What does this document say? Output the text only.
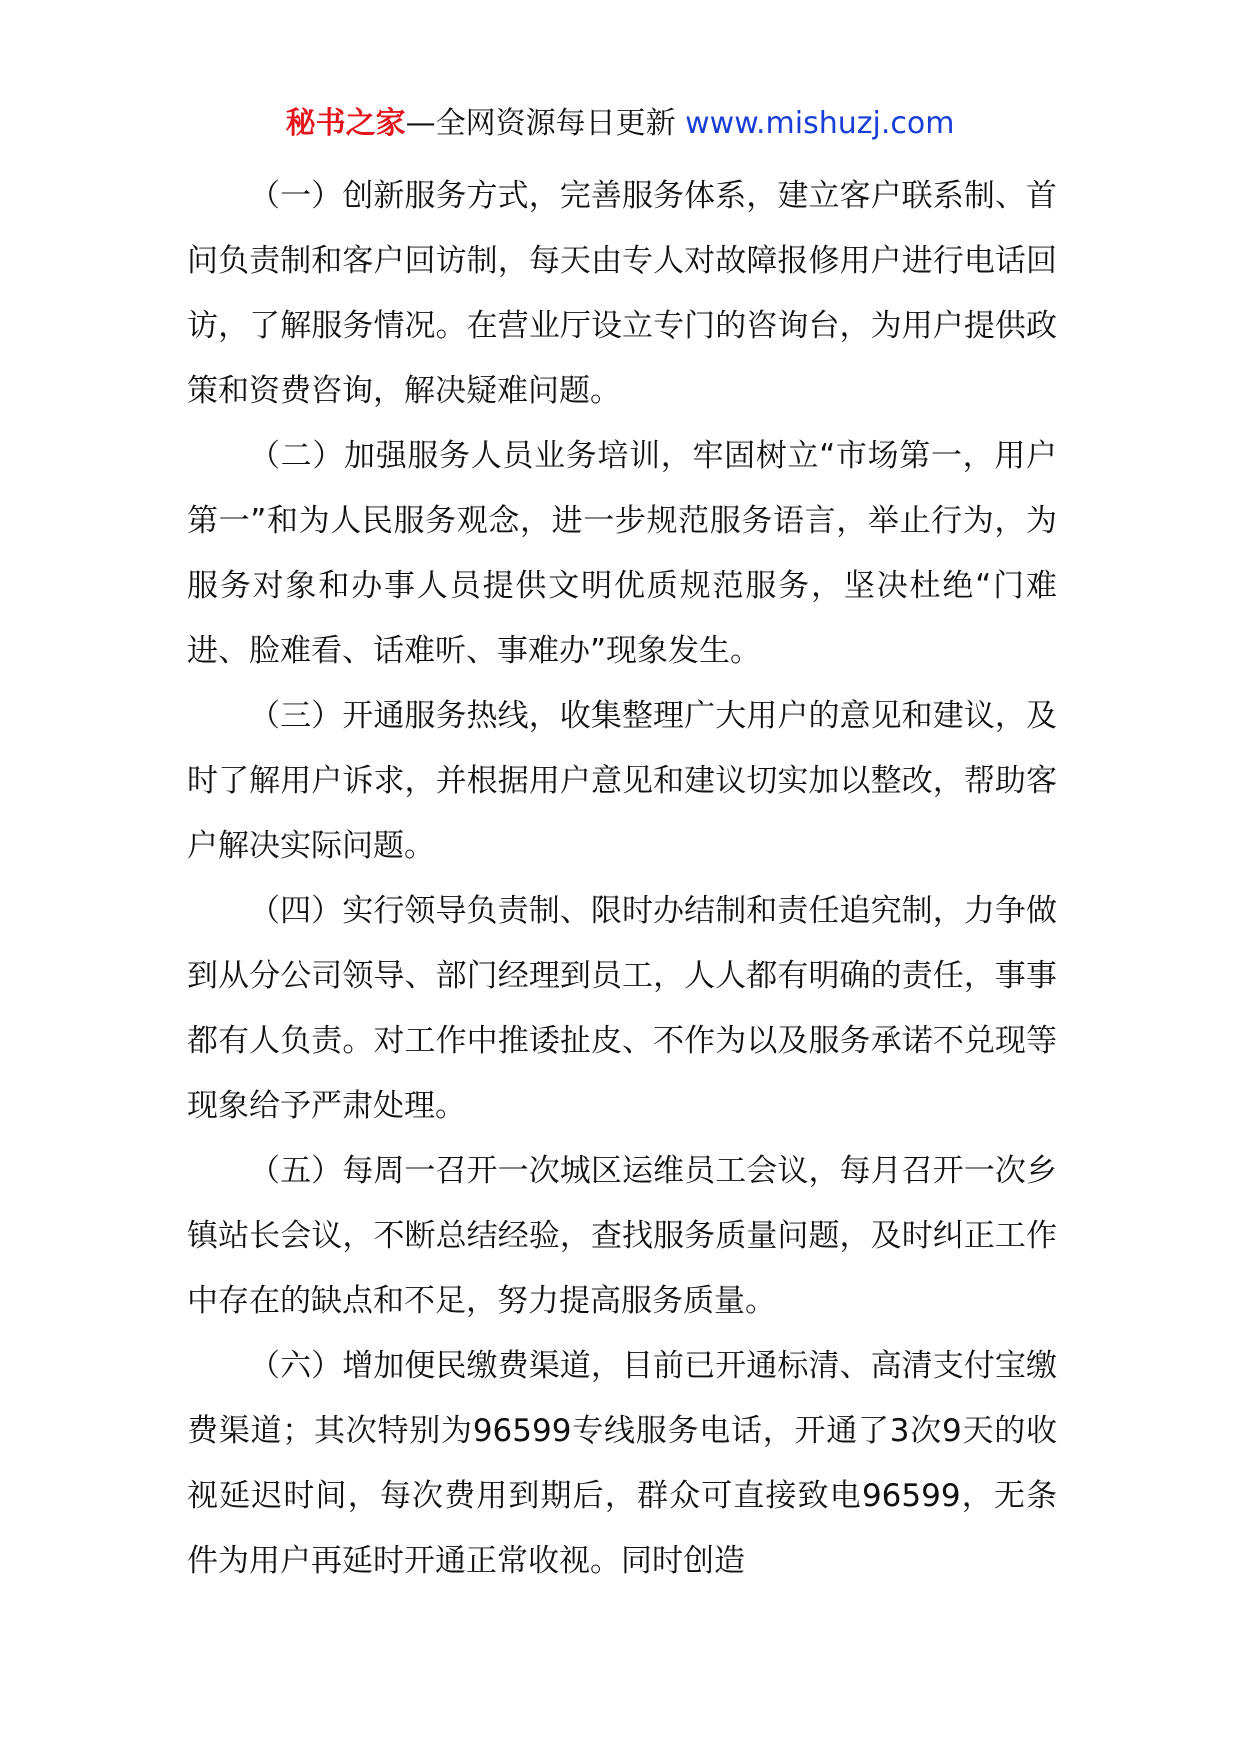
秘书之家—全网资源每日更新 www.mishuzj.com

（一）创新服务方式，完善服务体系，建立客户联系制、首问负责制和客户回访制，每天由专人对故障报修用户进行电话回访，了解服务情况。在营业厅设立专门的咨询台，为用户提供政策和资费咨询，解决疑难问题。

（二）加强服务人员业务培训，牢固树立“市场第一，用户第一”和为人民服务观念，进一步规范服务语言，举止行为，为服务对象和办事人员提供文明优质规范服务，坚决杜绝“门难进、脸难看、话难听、事难办”现象发生。

（三）开通服务热线，收集整理广大用户的意见和建议，及时了解用户诉求，并根据用户意见和建议切实加以整改，帮助客户解决实际问题。

（四）实行领导负责制、限时办结制和责任追究制，力争做到从分公司领导、部门经理到员工，人人都有明确的责任，事事都有人负责。对工作中推诿扯皮、不作为以及服务承诺不兑现等现象给予严肃处理。

（五）每周一召开一次城区运维员工会议，每月召开一次乡镇站长会议，不断总结经验，查找服务质量问题，及时纠正工作中存在的缺点和不足，努力提高服务质量。

（六）增加便民缴费渠道，目前已开通标清、高清支付宝缴费渠道；其次特别为96599专线服务电话，开通了3次9天的收视延迟时间，每次费用到期后，群众可直接致电96599，无条件为用户再延时开通正常收视。同时创造
